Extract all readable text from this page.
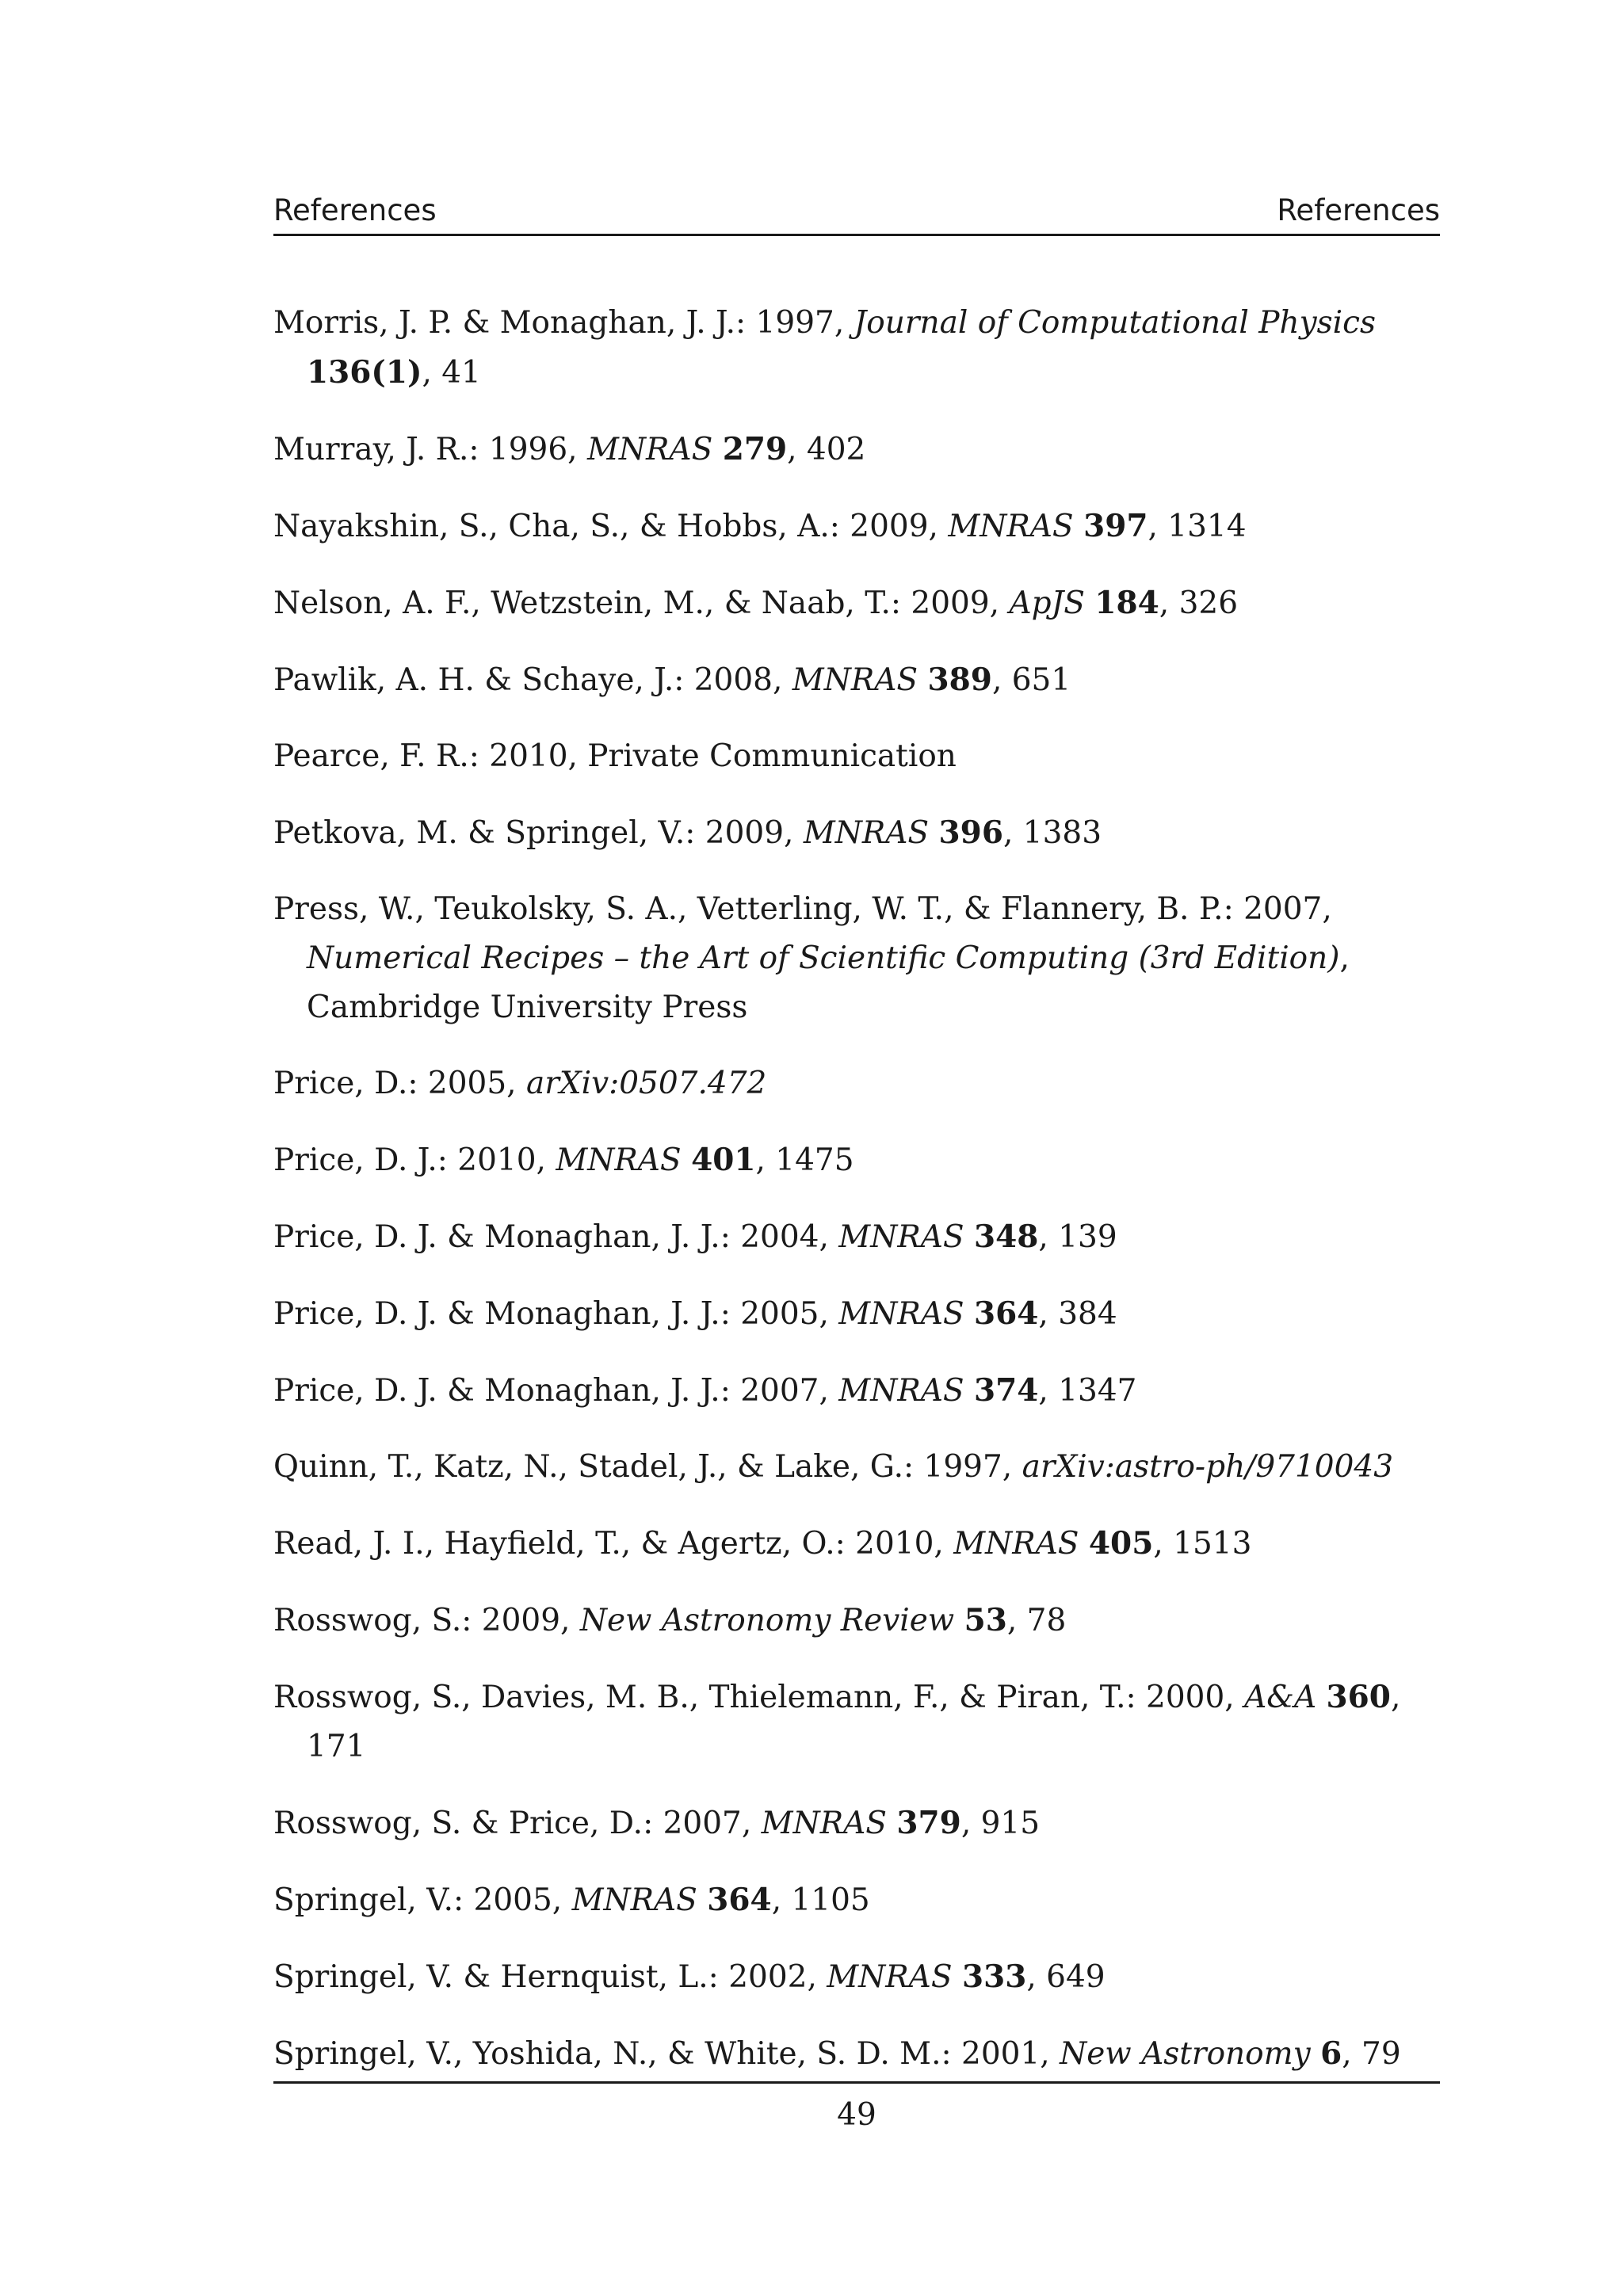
References	References
Morris, J. P. & Monaghan, J. J.: 1997, Journal of Computational Physics 136(1), 41
Murray, J. R.: 1996, MNRAS 279, 402
Nayakshin, S., Cha, S., & Hobbs, A.: 2009, MNRAS 397, 1314
Nelson, A. F., Wetzstein, M., & Naab, T.: 2009, ApJS 184, 326
Pawlik, A. H. & Schaye, J.: 2008, MNRAS 389, 651
Pearce, F. R.: 2010, Private Communication
Petkova, M. & Springel, V.: 2009, MNRAS 396, 1383
Press, W., Teukolsky, S. A., Vetterling, W. T., & Flannery, B. P.: 2007, Numerical Recipes – the Art of Scientific Computing (3rd Edition), Cambridge University Press
Price, D.: 2005, arXiv:0507.472
Price, D. J.: 2010, MNRAS 401, 1475
Price, D. J. & Monaghan, J. J.: 2004, MNRAS 348, 139
Price, D. J. & Monaghan, J. J.: 2005, MNRAS 364, 384
Price, D. J. & Monaghan, J. J.: 2007, MNRAS 374, 1347
Quinn, T., Katz, N., Stadel, J., & Lake, G.: 1997, arXiv:astro-ph/9710043
Read, J. I., Hayfield, T., & Agertz, O.: 2010, MNRAS 405, 1513
Rosswog, S.: 2009, New Astronomy Review 53, 78
Rosswog, S., Davies, M. B., Thielemann, F., & Piran, T.: 2000, A&A 360, 171
Rosswog, S. & Price, D.: 2007, MNRAS 379, 915
Springel, V.: 2005, MNRAS 364, 1105
Springel, V. & Hernquist, L.: 2002, MNRAS 333, 649
Springel, V., Yoshida, N., & White, S. D. M.: 2001, New Astronomy 6, 79
49
